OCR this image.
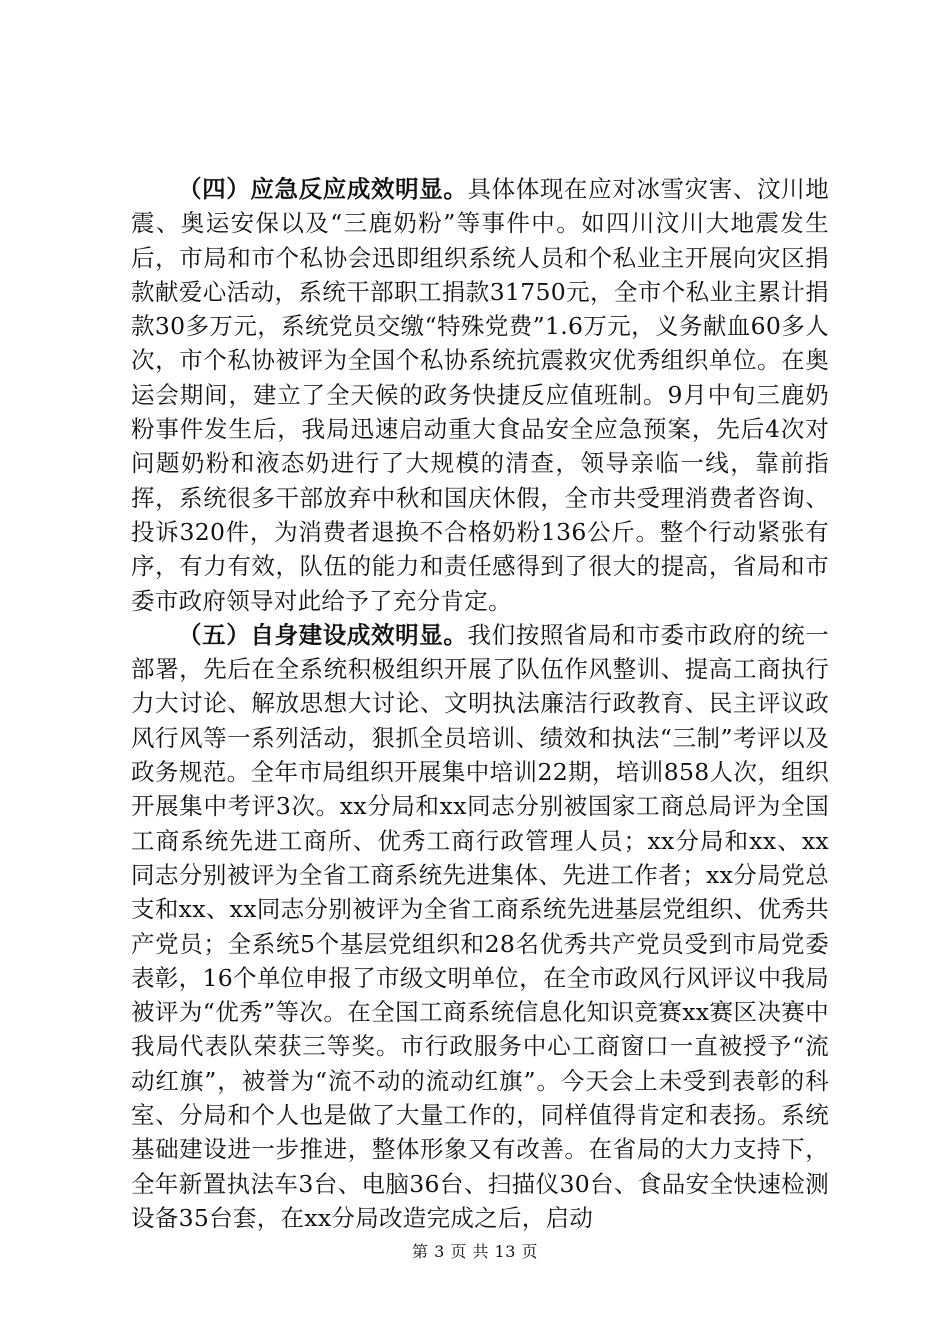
（四）应急反应成效明显。具体体现在应对冰雪灾害、汶川地震、奥运安保以及“三鹿奶粉”等事件中。如四川汶川大地震发生后，市局和市个私协会迅即组织系统人员和个私业主开展向灾区捐款献爱心活动，系统干部职工捐款31750元，全市个私业主累计捐款30多万元，系统党员交缴“特殊党费”1.6万元，义务献血60多人次，市个私协被评为全国个私协系统抗震救灾优秀组织单位。在奥运会期间，建立了全天候的政务快捷反应值班制。9月中旬三鹿奶粉事件发生后，我局迅速启动重大食品安全应急预案，先后4次对问题奶粉和液态奶进行了大规模的清查，领导亲临一线，靠前指挥，系统很多干部放弃中秋和国庆休假，全市共受理消费者咨询、投诉320件，为消费者退换不合格奶粉136公斤。整个行动紧张有序，有力有效，队伍的能力和责任感得到了很大的提高，省局和市委市政府领导对此给予了充分肯定。

（五）自身建设成效明显。我们按照省局和市委市政府的统一部署，先后在全系统积极组织开展了队伍作风整训、提高工商执行力大讨论、解放思想大讨论、文明执法廉洁行政教育、民主评议政风行风等一系列活动，狠抓全员培训、绩效和执法“三制”考评以及政务规范。全年市局组织开展集中培训22期，培训858人次，组织开展集中考评3次。xx分局和xx同志分别被国家工商总局评为全国工商系统先进工商所、优秀工商行政管理人员；xx分局和xx、xx同志分别被评为全省工商系统先进集体、先进工作者；xx分局党总支和xx、xx同志分别被评为全省工商系统先进基层党组织、优秀共产党员；全系统5个基层党组织和28名优秀共产党员受到市局党委表彰，16个单位申报了市级文明单位，在全市政风行风评议中我局被评为“优秀”等次。在全国工商系统信息化知识竞赛xx赛区决赛中我局代表队荣获三等奖。市行政服务中心工商窗口一直被授予“流动红旗”，被誉为“流不动的流动红旗”。今天会上未受到表彰的科室、分局和个人也是做了大量工作的，同样值得肯定和表扬。系统基础建设进一步推进，整体形象又有改善。在省局的大力支持下，全年新置执法车3台、电脑36台、扫描仪30台、食品安全快速检测设备35台套，在xx分局改造完成之后，启动

第 3 页 共 13 页
